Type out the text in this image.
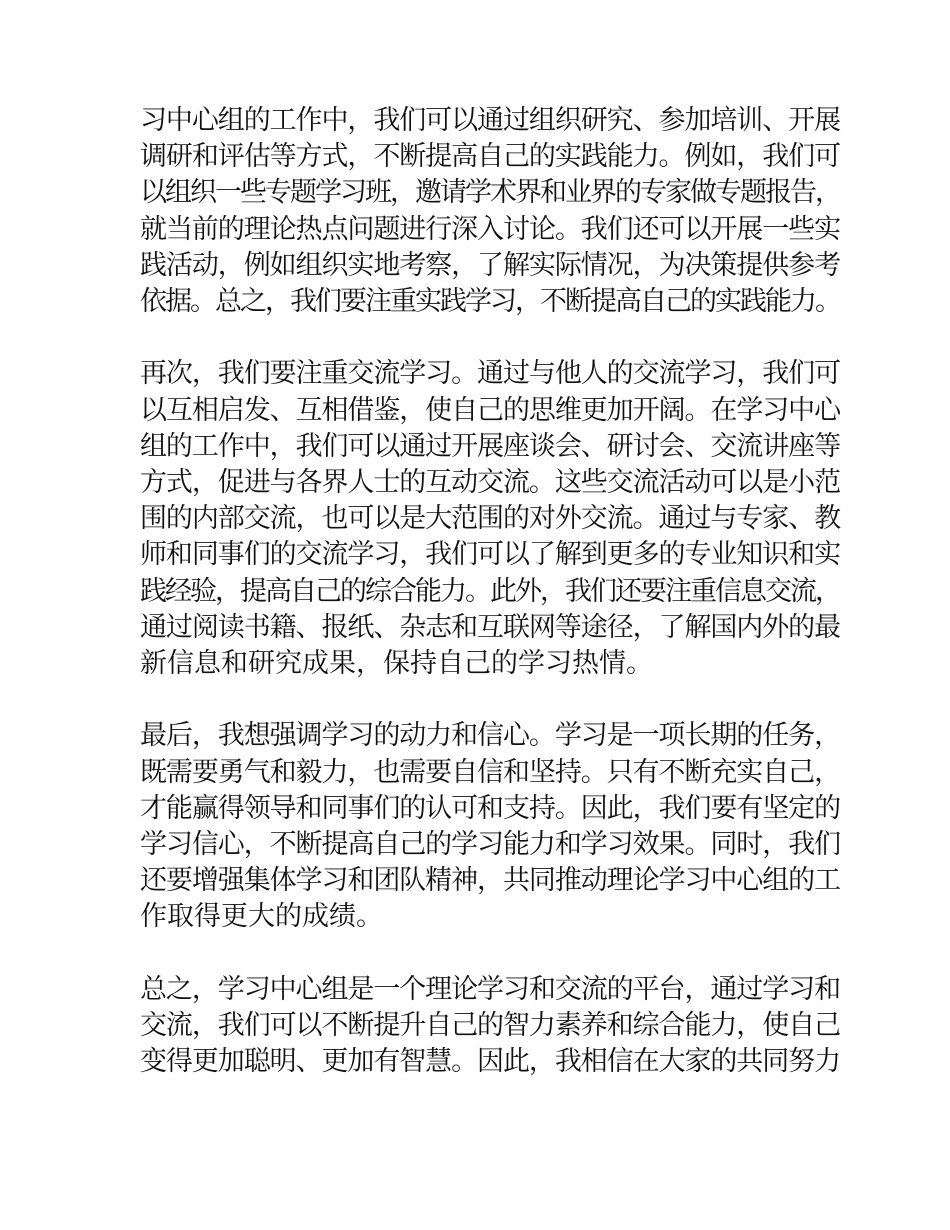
习中心组的工作中，我们可以通过组织研究、参加培训、开展
调研和评估等方式，不断提高自己的实践能力。例如，我们可
以组织一些专题学习班，邀请学术界和业界的专家做专题报告，
就当前的理论热点问题进行深入讨论。我们还可以开展一些实
践活动，例如组织实地考察，了解实际情况，为决策提供参考
依据。总之，我们要注重实践学习，不断提高自己的实践能力。
再次，我们要注重交流学习。通过与他人的交流学习，我们可
以互相启发、互相借鉴，使自己的思维更加开阔。在学习中心
组的工作中，我们可以通过开展座谈会、研讨会、交流讲座等
方式，促进与各界人士的互动交流。这些交流活动可以是小范
围的内部交流，也可以是大范围的对外交流。通过与专家、教
师和同事们的交流学习，我们可以了解到更多的专业知识和实
践经验，提高自己的综合能力。此外，我们还要注重信息交流，
通过阅读书籍、报纸、杂志和互联网等途径，了解国内外的最
新信息和研究成果，保持自己的学习热情。
最后，我想强调学习的动力和信心。学习是一项长期的任务，
既需要勇气和毅力，也需要自信和坚持。只有不断充实自己，
才能赢得领导和同事们的认可和支持。因此，我们要有坚定的
学习信心，不断提高自己的学习能力和学习效果。同时，我们
还要增强集体学习和团队精神，共同推动理论学习中心组的工
作取得更大的成绩。
总之，学习中心组是一个理论学习和交流的平台，通过学习和
交流，我们可以不断提升自己的智力素养和综合能力，使自己
变得更加聪明、更加有智慧。因此，我相信在大家的共同努力
